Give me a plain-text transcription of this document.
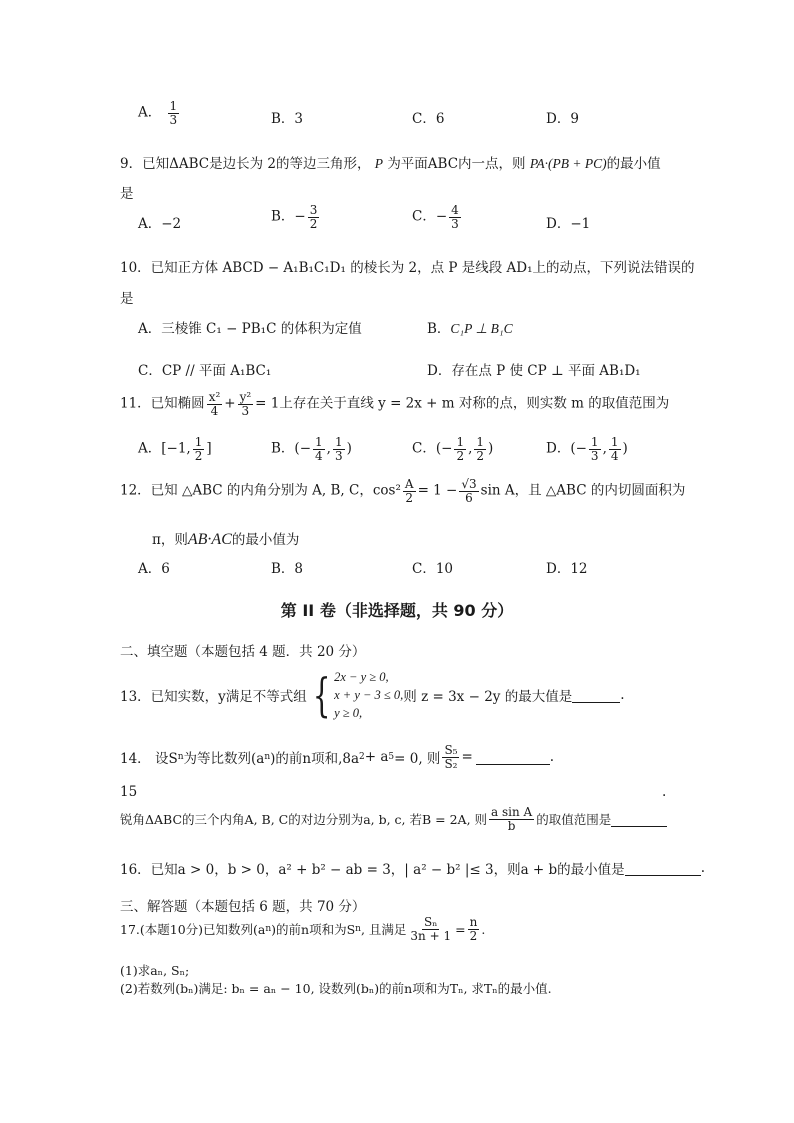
A． $\frac{1}{3}$	B．3	C．6	D．9
9．已知ΔABC是边长为 2的等边三角形， P 为平面ABC内一点，则 PA·(PB + PC)的最小值
是
A．−2	B．− $\frac{3}{2}$	C．− $\frac{4}{3}$	D．−1
10．已知正方体 ABCD − A₁B₁C₁D₁ 的棱长为 2，点 P 是线段 AD₁上的动点，下列说法错误的
是
A．三棱锥 C₁ − PB₁C 的体积为定值	B．C₁P ⊥ B₁C
C．CP // 平面 A₁BC₁	D．存在点 P 使 CP ⊥ 平面 AB₁D₁
11．已知椭圆 $\frac{\text{x²}}{4} + \frac{\text{y²}}{3} = 1$上存在关于直线 y = 2x + m 对称的点，则实数 m 的取值范围为
A．[−1, $\frac{1}{2}$ ]	B．(− $\frac{1}{4}$ , $\frac{1}{3}$ )	C．(− $\frac{1}{2}$ , $\frac{1}{2}$ )	D．(− $\frac{1}{3}$ , $\frac{1}{4}$ )
12．已知 △ABC 的内角分别为 A, B, C，$\cos^2 \frac{A}{2} = 1 - \frac{√3}{6}$ sin A，且 △ABC 的内切圆面积为
π，则AB·AC的最小值为
A．6	B．8	C．10	D．12
第 II 卷（非选择题，共 90 分）
二、填空题（本题包括 4 题．共 20 分）
13．已知实数，y满足不等式组 { 2x − y ≥ 0,
x + y − 3 ≤ 0,
y ≥ 0,
则 z = 3x − 2y 的最大值是	.
14． 设S n 为等比数列(a n )的前n项和,8a 2 + a 5 = 0, 则 $\frac{\text{S₅}}{\text{S₂}}$ =	.
15	.
锐角ΔABC的三个内角A, B, C的对边分别为a, b, c, 若B = 2A, 则 $\frac{\text{a sin A}}{b}$ 的取值范围是
16．已知a > 0，b > 0，a² + b² − ab = 3，| a² − b² |≤ 3，则a + b的最小值是	.
三、解答题（本题包括 6 题，共 70 分）
17.(本题10分)已知数列(a n )的前n项和为S n , 且满足 $\frac{\text{Sₙ}}{3n + 1} = \frac{n}{2}$ .
(1)求aₙ, Sₙ;
(2)若数列(bₙ)满足: bₙ = aₙ − 10, 设数列(bₙ)的前n项和为Tₙ, 求Tₙ的最小值.
